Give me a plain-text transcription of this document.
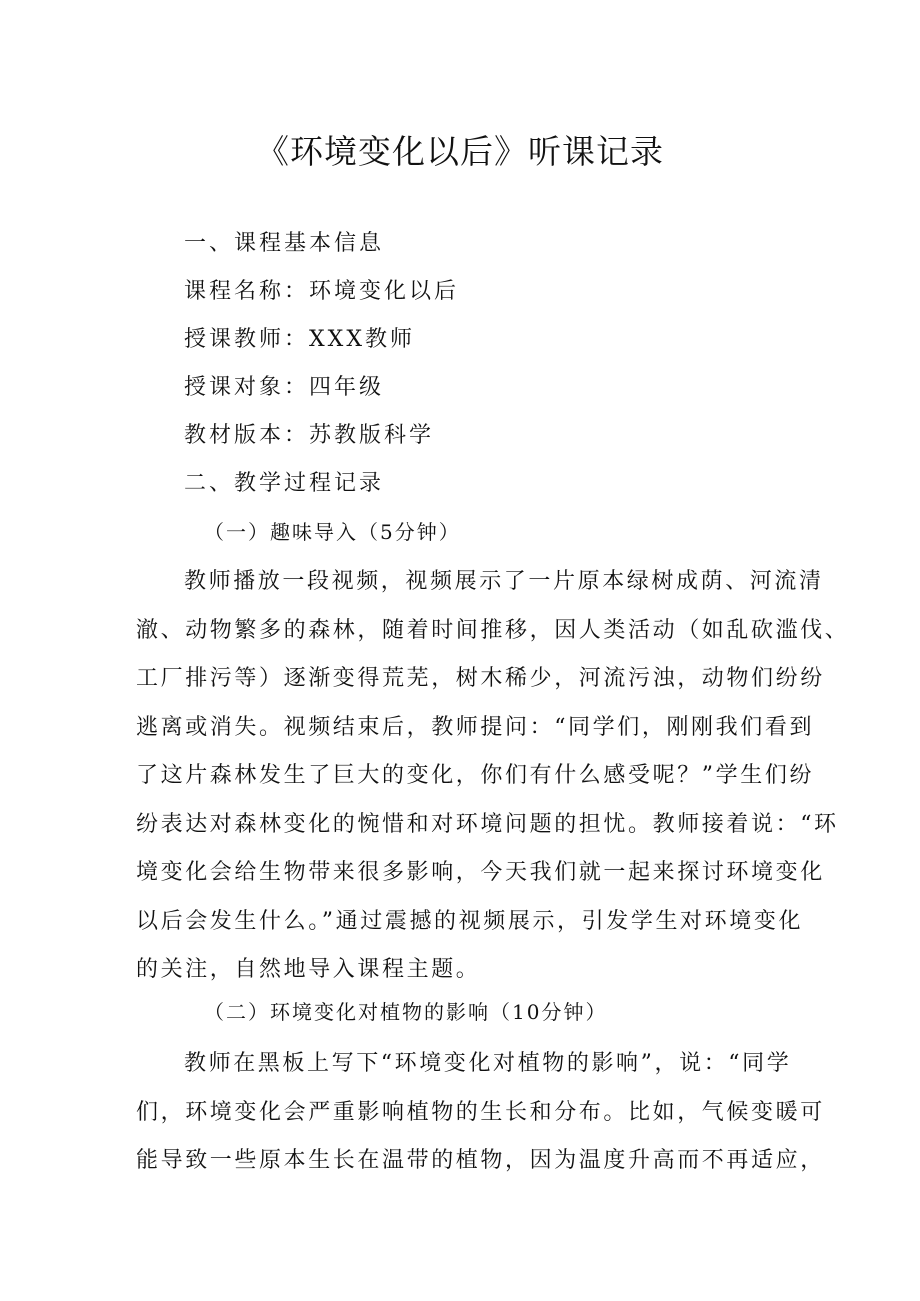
《环境变化以后》听课记录
一、课程基本信息
课程名称：环境变化以后
授课教师：XXX教师
授课对象：四年级
教材版本：苏教版科学
二、教学过程记录
（一）趣味导入（5分钟）
教师播放一段视频，视频展示了一片原本绿树成荫、河流清
澈、动物繁多的森林，随着时间推移，因人类活动（如乱砍滥伐、
工厂排污等）逐渐变得荒芜，树木稀少，河流污浊，动物们纷纷
逃离或消失。视频结束后，教师提问：“同学们，刚刚我们看到
了这片森林发生了巨大的变化，你们有什么感受呢？”学生们纷
纷表达对森林变化的惋惜和对环境问题的担忧。教师接着说：“环
境变化会给生物带来很多影响，今天我们就一起来探讨环境变化
以后会发生什么。”通过震撼的视频展示，引发学生对环境变化
的关注，自然地导入课程主题。
（二）环境变化对植物的影响（10分钟）
教师在黑板上写下“环境变化对植物的影响”，说：“同学
们，环境变化会严重影响植物的生长和分布。比如，气候变暖可
能导致一些原本生长在温带的植物，因为温度升高而不再适应，
